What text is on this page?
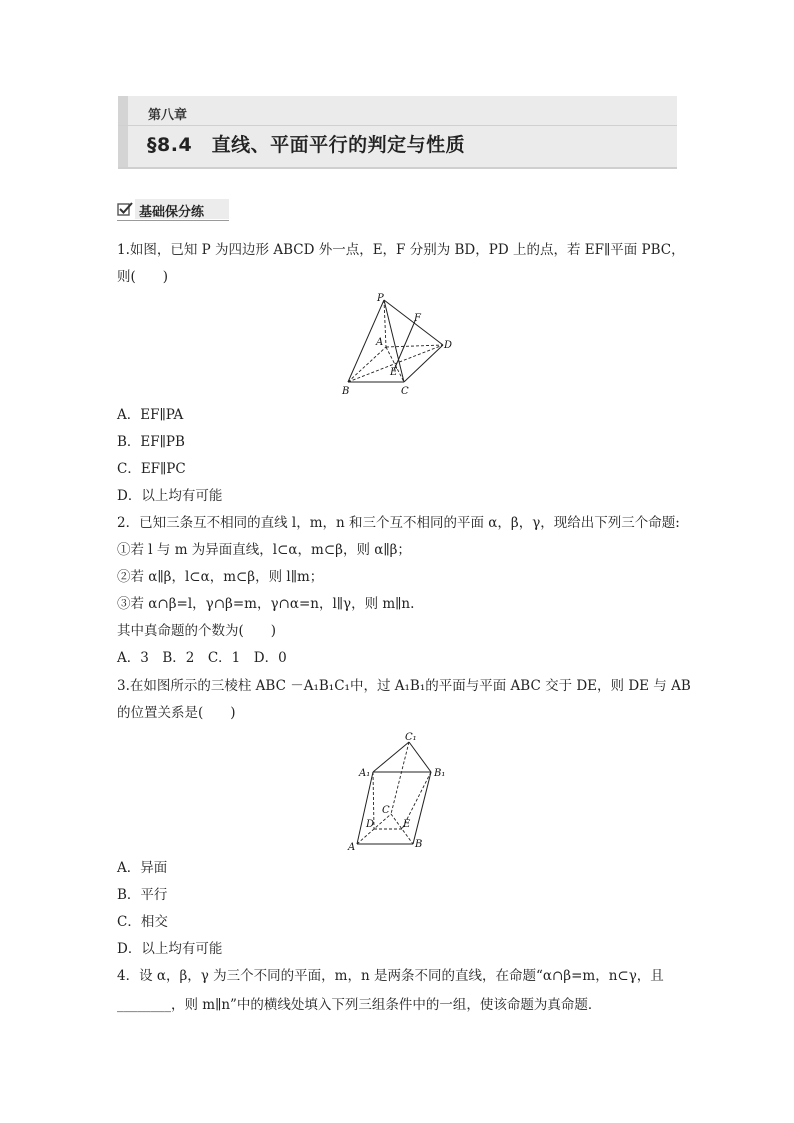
第八章
§8.4　直线、平面平行的判定与性质
基础保分练
1.如图，已知 P 为四边形 ABCD 外一点，E，F 分别为 BD，PD 上的点，若 EF∥平面 PBC，
则(　　)
P
F
A	D
E
B	C
A．EF∥PA
B．EF∥PB
C．EF∥PC
D．以上均有可能
2．已知三条互不相同的直线 l，m，n 和三个互不相同的平面 α，β，γ，现给出下列三个命题:
①若 l 与 m 为异面直线，l⊂α，m⊂β，则 α∥β；
②若 α∥β，l⊂α，m⊂β，则 l∥m；
③若 α∩β=l，γ∩β=m，γ∩α=n，l∥γ，则 m∥n.
其中真命题的个数为(　　)
A．3　B．2　C．1　D．0
3.在如图所示的三棱柱 ABC －A₁B₁C₁中，过 A₁B₁的平面与平面 ABC 交于 DE，则 DE 与 AB
的位置关系是(　　)
C₁
A₁	B₁
C
D	E
A	B
A．异面
B．平行
C．相交
D．以上均有可能
4．设 α，β，γ 为三个不同的平面，m，n 是两条不同的直线，在命题“α∩β=m，n⊂γ，且
________，则 m∥n”中的横线处填入下列三组条件中的一组，使该命题为真命题．
